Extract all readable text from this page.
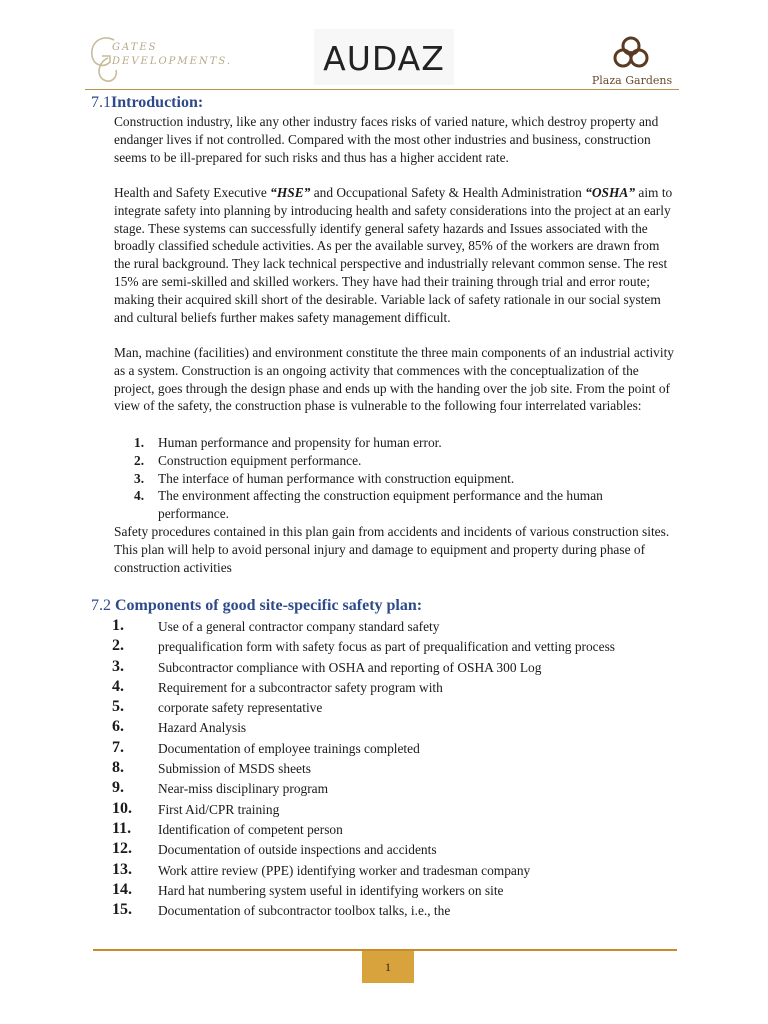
GATES
DEVELOPMENTS.	AUDAZ
Plaza Gardens
7.1Introduction:

Construction industry, like any other industry faces risks of varied nature, which destroy property and endanger lives if not controlled. Compared with the most other industries and business, construction seems to be ill-prepared for such risks and thus has a higher accident rate.

Health and Safety Executive “HSE” and Occupational Safety & Health Administration “OSHA” aim to integrate safety into planning by introducing health and safety considerations into the project at an early stage. These systems can successfully identify general safety hazards and Issues associated with the broadly classified schedule activities. As per the available survey, 85% of the workers are drawn from the rural background. They lack technical perspective and industrially relevant common sense. The rest 15% are semi-skilled and skilled workers. They have had their training through trial and error route; making their acquired skill short of the desirable. Variable lack of safety rationale in our social system and cultural beliefs further makes safety management difficult.

Man, machine (facilities) and environment constitute the three main components of an industrial activity as a system. Construction is an ongoing activity that commences with the conceptualization of the project, goes through the design phase and ends up with the handing over the job site. From the point of view of the safety, the construction phase is vulnerable to the following four interrelated variables:

1. Human performance and propensity for human error.
2. Construction equipment performance.
3. The interface of human performance with construction equipment.
4. The environment affecting the construction equipment performance and the human performance.

Safety procedures contained in this plan gain from accidents and incidents of various construction sites. This plan will help to avoid personal injury and damage to equipment and property during phase of construction activities

7.2 Components of good site-specific safety plan:
1.	Use of a general contractor company standard safety
2.	prequalification form with safety focus as part of prequalification and vetting process
3.	Subcontractor compliance with OSHA and reporting of OSHA 300 Log
4.	Requirement for a subcontractor safety program with
5.	corporate safety representative
6.	Hazard Analysis
7.	Documentation of employee trainings completed
8.	Submission of MSDS sheets
9.	Near-miss disciplinary program
10. First Aid/CPR training
11. Identification of competent person
12. Documentation of outside inspections and accidents
13. Work attire review (PPE) identifying worker and tradesman company
14. Hard hat numbering system useful in identifying workers on site
15. Documentation of subcontractor toolbox talks, i.e., the
1
